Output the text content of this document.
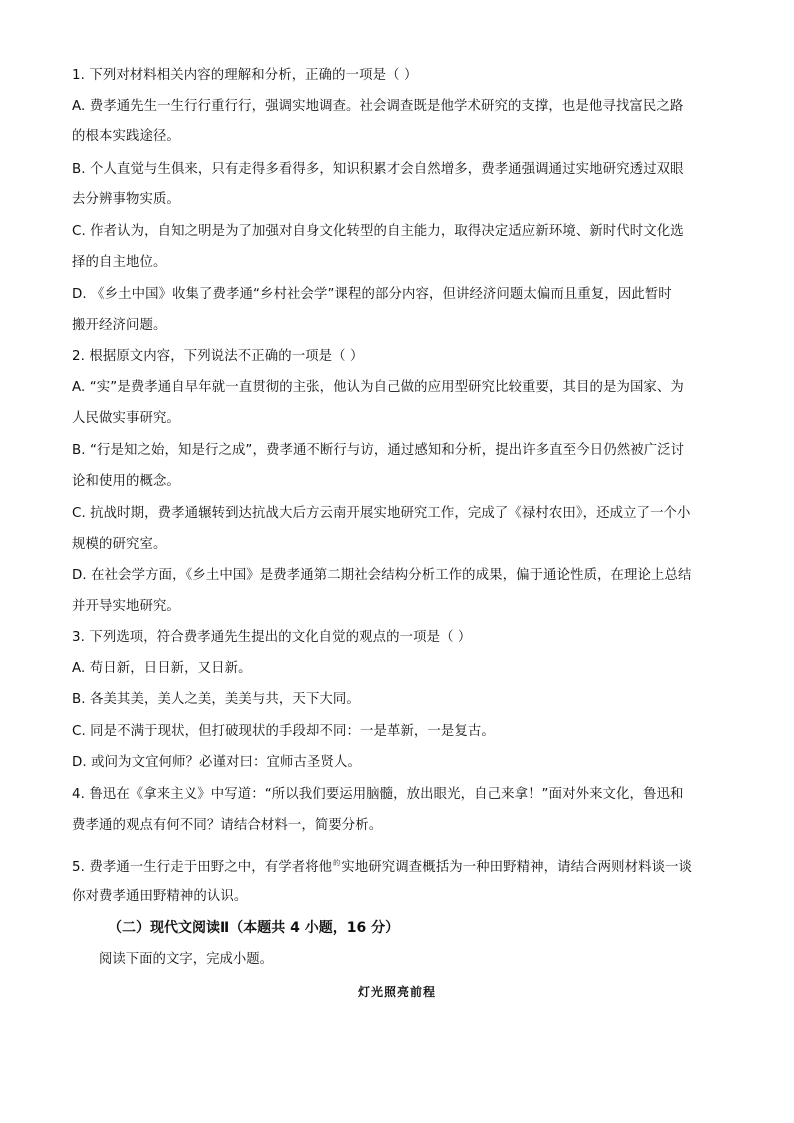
1. 下列对材料相关内容的理解和分析，正确的一项是（ ）
A. 费孝通先生一生行行重行行，强调实地调查。社会调查既是他学术研究的支撑，也是他寻找富民之路
的根本实践途径。
B. 个人直觉与生俱来，只有走得多看得多，知识积累才会自然增多，费孝通强调通过实地研究透过双眼
去分辨事物实质。
C. 作者认为，自知之明是为了加强对自身文化转型的自主能力，取得决定适应新环境、新时代时文化选
择的自主地位。
D. 《乡土中国》收集了费孝通“乡村社会学”课程的部分内容，但讲经济问题太偏而且重复，因此暂时
搬开经济问题。
2. 根据原文内容，下列说法不正确的一项是（ ）
A. “实”是费孝通自早年就一直贯彻的主张，他认为自己做的应用型研究比较重要，其目的是为国家、为
人民做实事研究。
B. “行是知之始，知是行之成”，费孝通不断行与访，通过感知和分析，提出许多直至今日仍然被广泛讨
论和使用的概念。
C. 抗战时期，费孝通辗转到达抗战大后方云南开展实地研究工作，完成了《禄村农田》，还成立了一个小
规模的研究室。
D. 在社会学方面，《乡土中国》是费孝通第二期社会结构分析工作的成果，偏于通论性质，在理论上总结
并开导实地研究。
3. 下列选项，符合费孝通先生提出的文化自觉的观点的一项是（ ）
A. 苟日新，日日新，又日新。
B. 各美其美，美人之美，美美与共，天下大同。
C. 同是不满于现状，但打破现状的手段却不同：一是革新，一是复古。
D. 或问为文宜何师？必谨对曰：宜师古圣贤人。
4. 鲁迅在《拿来主义》中写道：“所以我们要运用脑髓，放出眼光，自己来拿！”面对外来文化，鲁迅和
费孝通的观点有何不同？请结合材料一，简要分析。
5. 费孝通一生行走于田野之中，有学者将他的实地研究调查概括为一种田野精神，请结合两则材料谈一谈
你对费孝通田野精神的认识。
（二）现代文阅读Ⅱ（本题共 4 小题，16 分）
阅读下面的文字，完成小题。
灯光照亮前程
